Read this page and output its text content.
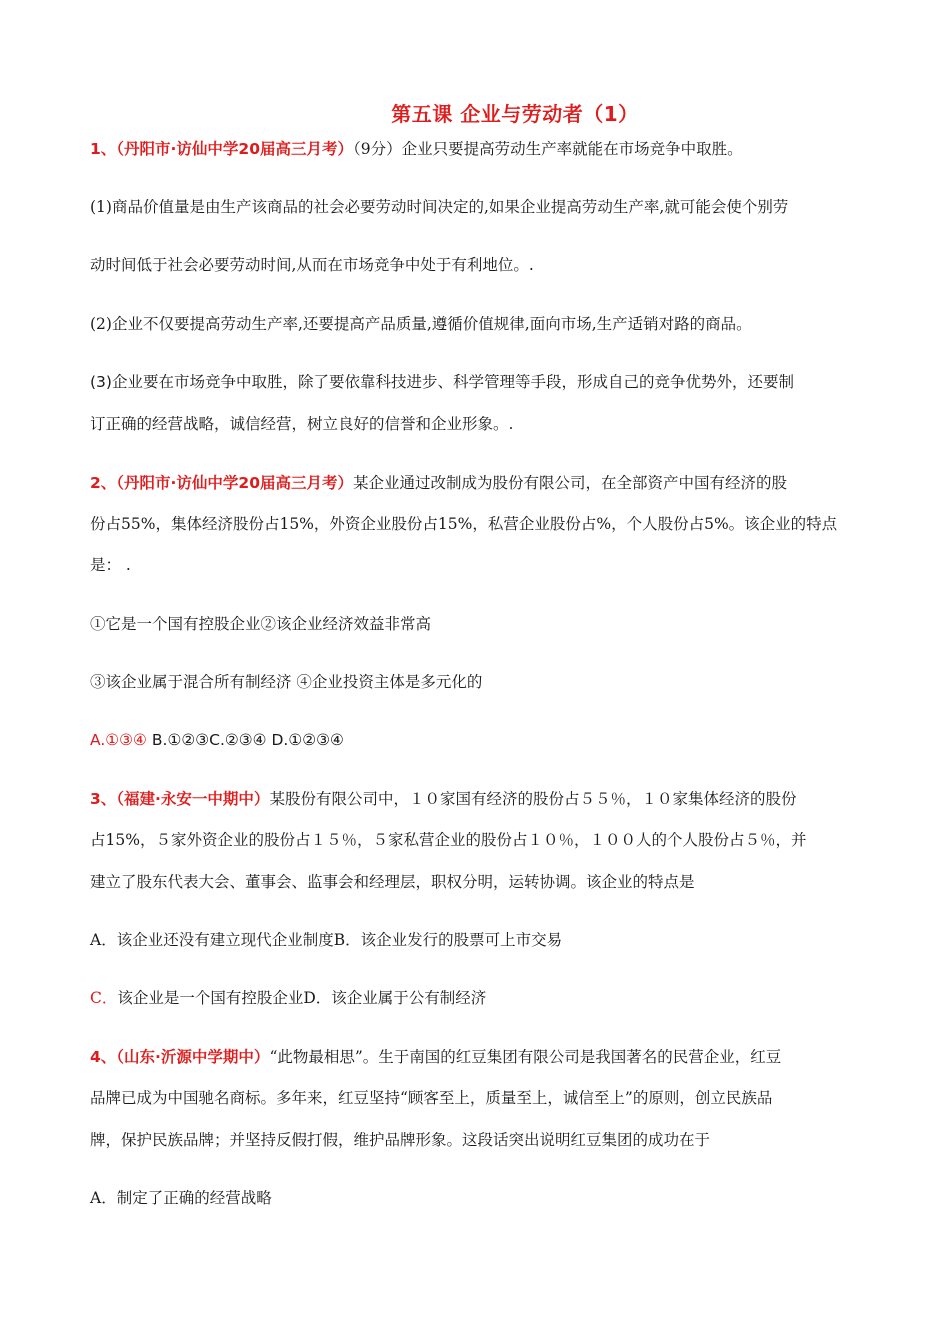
第五课 企业与劳动者（1）
1、（丹阳市·访仙中学20届高三月考）（9分）企业只要提高劳动生产率就能在市场竞争中取胜。
(1)商品价值量是由生产该商品的社会必要劳动时间决定的,如果企业提高劳动生产率,就可能会使个别劳
动时间低于社会必要劳动时间,从而在市场竞争中处于有利地位。.
(2)企业不仅要提高劳动生产率,还要提高产品质量,遵循价值规律,面向市场,生产适销对路的商品。
(3)企业要在市场竞争中取胜，除了要依靠科技进步、科学管理等手段，形成自己的竞争优势外，还要制
订正确的经营战略，诚信经营，树立良好的信誉和企业形象。.
2、（丹阳市·访仙中学20届高三月考）某企业通过改制成为股份有限公司，在全部资产中国有经济的股
份占55%，集体经济股份占15%，外资企业股份占15%，私营企业股份占%，个人股份占5%。该企业的特点
是： .
①它是一个国有控股企业②该企业经济效益非常高
③该企业属于混合所有制经济 ④企业投资主体是多元化的
A.①③④ B.①②③C.②③④ D.①②③④
3、（福建·永安一中期中）某股份有限公司中，１０家国有经济的股份占５５％，１０家集体经济的股份
占15%，５家外资企业的股份占１５％，５家私营企业的股份占１０％，１００人的个人股份占５％，并
建立了股东代表大会、董事会、监事会和经理层，职权分明，运转协调。该企业的特点是
A．该企业还没有建立现代企业制度B．该企业发行的股票可上市交易
C．该企业是一个国有控股企业D．该企业属于公有制经济
4、（山东·沂源中学期中）“此物最相思”。生于南国的红豆集团有限公司是我国著名的民营企业，红豆
品牌已成为中国驰名商标。多年来，红豆坚持“顾客至上，质量至上，诚信至上”的原则，创立民族品
牌，保护民族品牌；并坚持反假打假，维护品牌形象。这段话突出说明红豆集团的成功在于
A．制定了正确的经营战略
